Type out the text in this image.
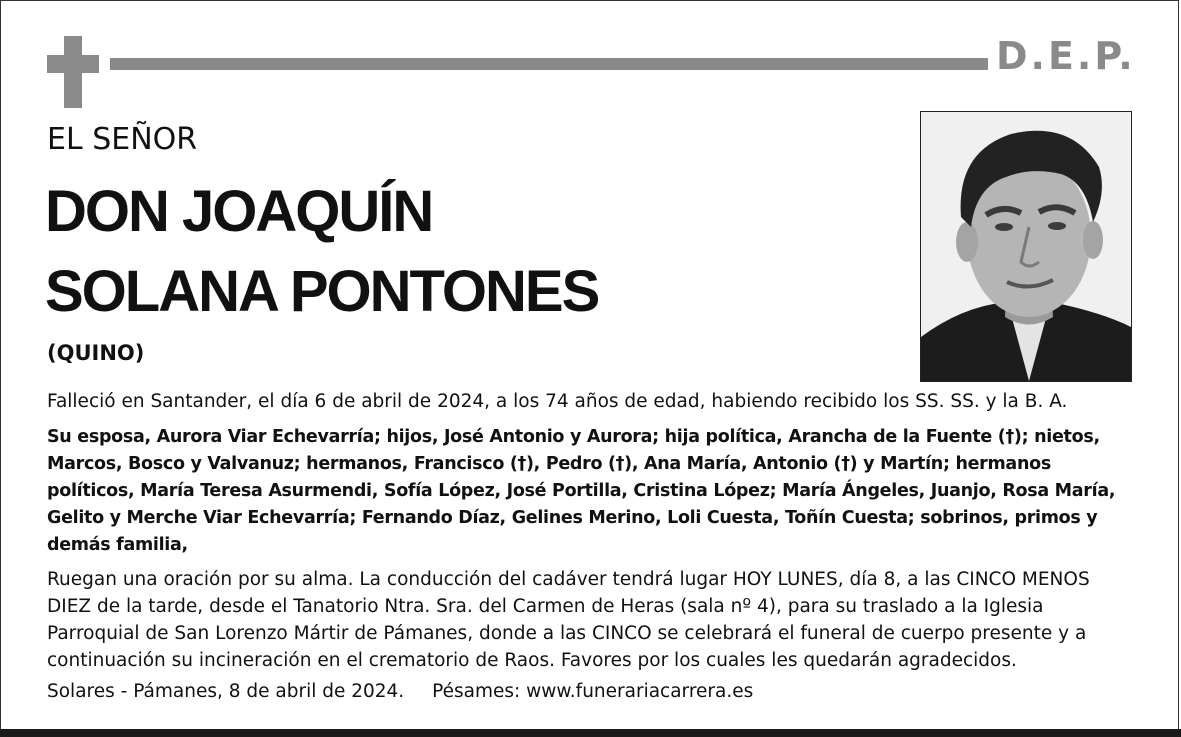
D.E.P.
EL SEÑOR
DON JOAQUÍN
SOLANA PONTONES
(QUINO)
Falleció en Santander, el día 6 de abril de 2024, a los 74 años de edad, habiendo recibido los SS. SS. y la B. A.
Su esposa, Aurora Viar Echevarría; hijos, José Antonio y Aurora; hija política, Arancha de la Fuente (†); nietos, Marcos, Bosco y Valvanuz; hermanos, Francisco (†), Pedro (†), Ana María, Antonio (†) y Martín; hermanos políticos, María Teresa Asurmendi, Sofía López, José Portilla, Cristina López; María Ángeles, Juanjo, Rosa María, Gelito y Merche Viar Echevarría; Fernando Díaz, Gelines Merino, Loli Cuesta, Toñín Cuesta; sobrinos, primos y demás familia,
Ruegan una oración por su alma. La conducción del cadáver tendrá lugar HOY LUNES, día 8, a las CINCO MENOS DIEZ de la tarde, desde el Tanatorio Ntra. Sra. del Carmen de Heras (sala nº 4), para su traslado a la Iglesia Parroquial de San Lorenzo Mártir de Pámanes, donde a las CINCO se celebrará el funeral de cuerpo presente y a continuación su incineración en el crematorio de Raos. Favores por los cuales les quedarán agradecidos.
Solares - Pámanes, 8 de abril de 2024. Pésames: www.funerariacarrera.es
